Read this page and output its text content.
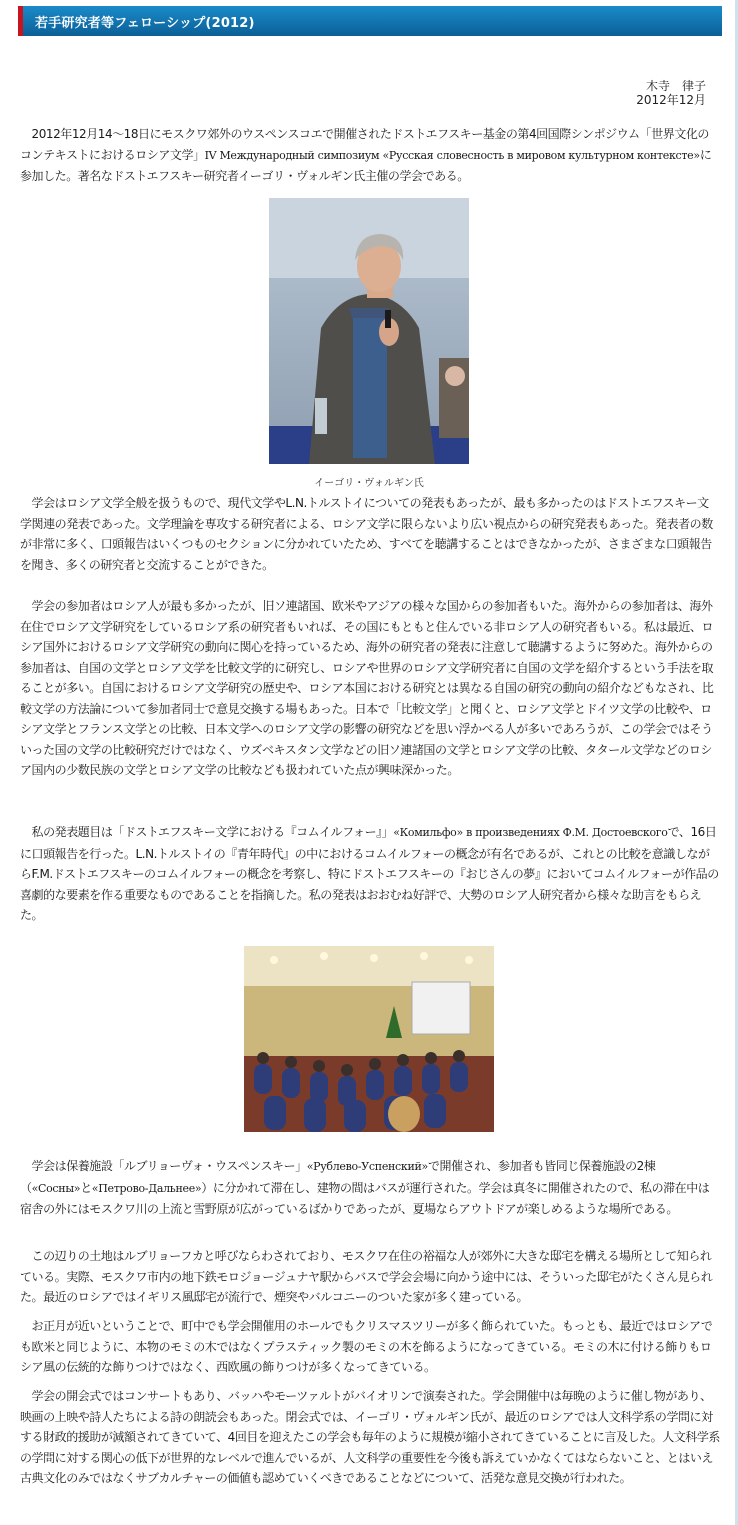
若手研究者等フェローシップ(2012)
木寺　律子
2012年12月
　2012年12月14〜18日にモスクワ郊外のウスペンスコエで開催されたドストエフスキー基金の第4回国際シンポジウム「世界文化のコンテキストにおけるロシア文学」IV Международный симпозиум «Русская словесность в мировом культурном контексте»に参加した。著名なドストエフスキー研究者イーゴリ・ヴォルギン氏主催の学会である。
イーゴリ・ヴォルギン氏
　学会はロシア文学全般を扱うもので、現代文学やL.N.トルストイについての発表もあったが、最も多かったのはドストエフスキー文学関連の発表であった。文学理論を専攻する研究者による、ロシア文学に限らないより広い視点からの研究発表もあった。発表者の数が非常に多く、口頭報告はいくつものセクションに分かれていたため、すべてを聴講することはできなかったが、さまざまな口頭報告を聞き、多くの研究者と交流することができた。
　学会の参加者はロシア人が最も多かったが、旧ソ連諸国、欧米やアジアの様々な国からの参加者もいた。海外からの参加者は、海外在住でロシア文学研究をしているロシア系の研究者もいれば、その国にもともと住んでいる非ロシア人の研究者もいる。私は最近、ロシア国外におけるロシア文学研究の動向に関心を持っているため、海外の研究者の発表に注意して聴講するように努めた。海外からの参加者は、自国の文学とロシア文学を比較文学的に研究し、ロシアや世界のロシア文学研究者に自国の文学を紹介するという手法を取ることが多い。自国におけるロシア文学研究の歴史や、ロシア本国における研究とは異なる自国の研究の動向の紹介などもなされ、比較文学の方法論について参加者同士で意見交換する場もあった。日本で「比較文学」と聞くと、ロシア文学とドイツ文学の比較や、ロシア文学とフランス文学との比較、日本文学へのロシア文学の影響の研究などを思い浮かべる人が多いであろうが、この学会ではそういった国の文学の比較研究だけではなく、ウズベキスタン文学などの旧ソ連諸国の文学とロシア文学の比較、タタール文学などのロシア国内の少数民族の文学とロシア文学の比較なども扱われていた点が興味深かった。
　私の発表題目は「ドストエフスキー文学における『コムイルフォー』」«Комильфо» в произведениях Ф.М. Достоевскогоで、16日に口頭報告を行った。L.N.トルストイの『青年時代』の中におけるコムイルフォーの概念が有名であるが、これとの比較を意識しながらF.M.ドストエフスキーのコムイルフォーの概念を考察し、特にドストエフスキーの『おじさんの夢』においてコムイルフォーが作品の喜劇的な要素を作る重要なものであることを指摘した。私の発表はおおむね好評で、大勢のロシア人研究者から様々な助言をもらえた。
　学会は保養施設「ルブリョーヴォ・ウスペンスキー」«Рублево-Успенский»で開催され、参加者も皆同じ保養施設の2棟（«Сосны»と«Петрово-Дальнее»）に分かれて滞在し、建物の間はバスが運行された。学会は真冬に開催されたので、私の滞在中は宿舎の外にはモスクワ川の上流と雪野原が広がっているばかりであったが、夏場ならアウトドアが楽しめるような場所である。
　この辺りの土地はルブリョーフカと呼びならわされており、モスクワ在住の裕福な人が郊外に大きな邸宅を構える場所として知られている。実際、モスクワ市内の地下鉄モロジョージュナヤ駅からバスで学会会場に向かう途中には、そういった邸宅がたくさん見られた。最近のロシアではイギリス風邸宅が流行で、煙突やバルコニーのついた家が多く建っている。
　お正月が近いということで、町中でも学会開催用のホールでもクリスマスツリーが多く飾られていた。もっとも、最近ではロシアでも欧米と同じように、本物のモミの木ではなくプラスティック製のモミの木を飾るようになってきている。モミの木に付ける飾りもロシア風の伝統的な飾りつけではなく、西欧風の飾りつけが多くなってきている。
　学会の開会式ではコンサートもあり、バッハやモーツァルトがバイオリンで演奏された。学会開催中は毎晩のように催し物があり、映画の上映や詩人たちによる詩の朗読会もあった。閉会式では、イーゴリ・ヴォルギン氏が、最近のロシアでは人文科学系の学問に対する財政的援助が減額されてきていて、4回目を迎えたこの学会も毎年のように規模が縮小されてきていることに言及した。人文科学系の学問に対する関心の低下が世界的なレベルで進んでいるが、人文科学の重要性を今後も訴えていかなくてはならないこと、とはいえ古典文化のみではなくサブカルチャーの価値も認めていくべきであることなどについて、活発な意見交換が行われた。
